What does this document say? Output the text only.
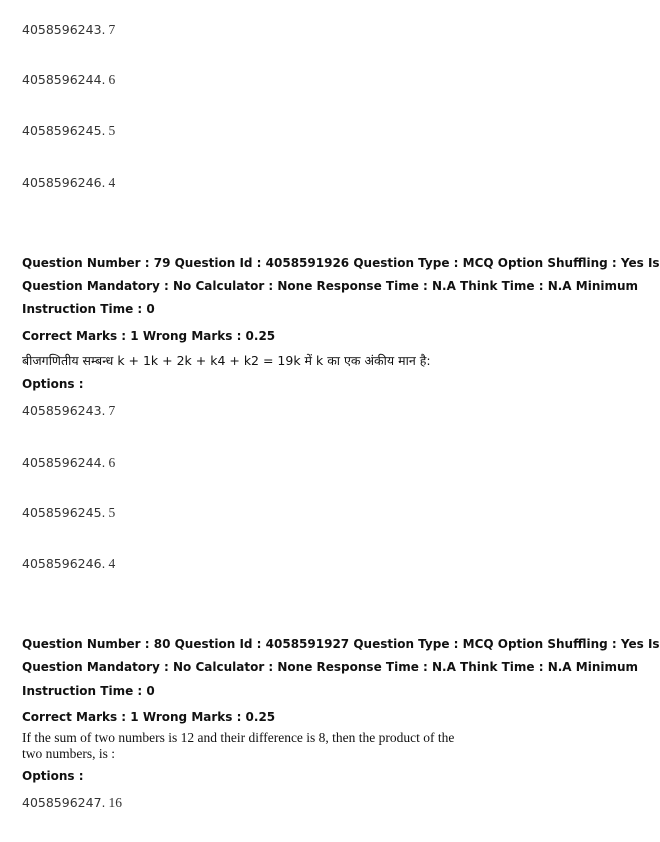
4058596243. 7
4058596244. 6
4058596245. 5
4058596246. 4
Question Number : 79 Question Id : 4058591926 Question Type : MCQ Option Shuffling : Yes Is
Question Mandatory : No Calculator : None Response Time : N.A Think Time : N.A Minimum
Instruction Time : 0
Correct Marks : 1 Wrong Marks : 0.25
बीजगणितीय सम्बन्ध k + 1k + 2k + k4 + k2 = 19k में k का एक अंकीय मान है:
Options :
4058596243. 7
4058596244. 6
4058596245. 5
4058596246. 4
Question Number : 80 Question Id : 4058591927 Question Type : MCQ Option Shuffling : Yes Is
Question Mandatory : No Calculator : None Response Time : N.A Think Time : N.A Minimum
Instruction Time : 0
Correct Marks : 1 Wrong Marks : 0.25
If the sum of two numbers is 12 and their difference is 8, then the product of the
two numbers, is :
Options :
4058596247. 16
